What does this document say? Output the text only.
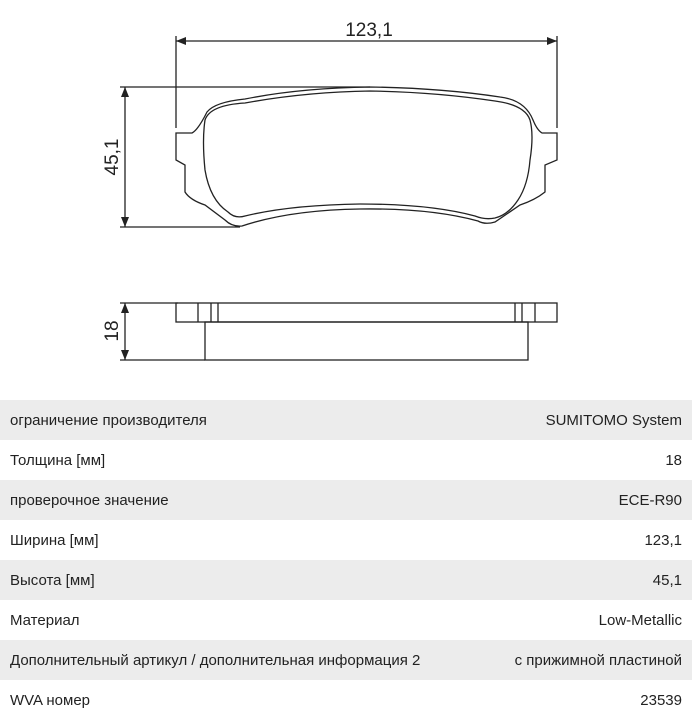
123,1
45,1
18
ограничение производителя	SUMITOMO System
Толщина [мм]	18
проверочное значение	ECE-R90
Ширина [мм]	123,1
Высота [мм]	45,1
Материал	Low-Metallic
Дополнительный артикул / дополнительная информация 2	с прижимной пластиной
WVA номер	23539
